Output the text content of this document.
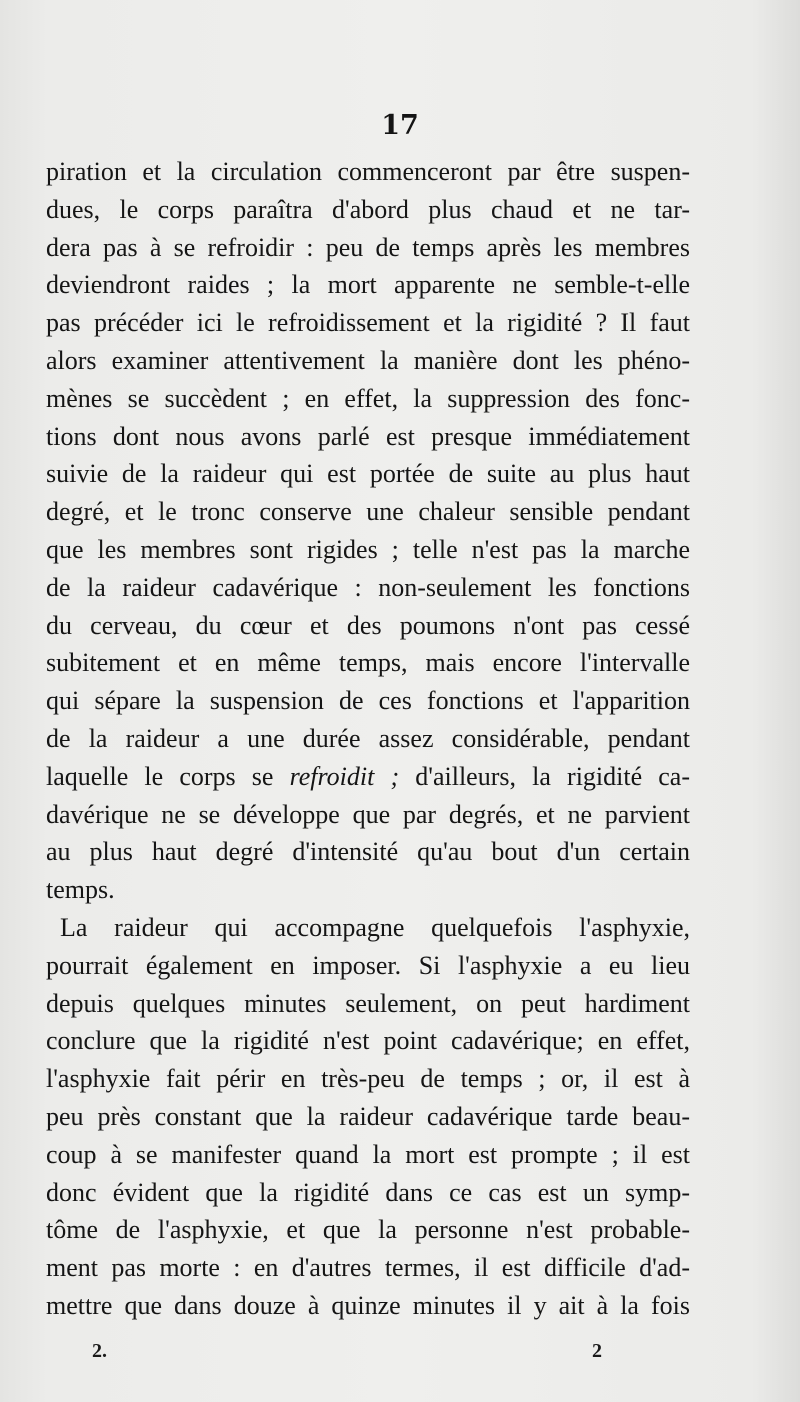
17
piration et la circulation commenceront par être suspen-
dues, le corps paraîtra d'abord plus chaud et ne tar-
dera pas à se refroidir : peu de temps après les membres
deviendront raides ; la mort apparente ne semble-t-elle
pas précéder ici le refroidissement et la rigidité ? Il faut
alors examiner attentivement la manière dont les phéno-
mènes se succèdent ; en effet, la suppression des fonc-
tions dont nous avons parlé est presque immédiatement
suivie de la raideur qui est portée de suite au plus haut
degré, et le tronc conserve une chaleur sensible pendant
que les membres sont rigides ; telle n'est pas la marche
de la raideur cadavérique : non-seulement les fonctions
du cerveau, du cœur et des poumons n'ont pas cessé
subitement et en même temps, mais encore l'intervalle
qui sépare la suspension de ces fonctions et l'apparition
de la raideur a une durée assez considérable, pendant
laquelle le corps se refroidit ; d'ailleurs, la rigidité ca-
davérique ne se développe que par degrés, et ne parvient
au plus haut degré d'intensité qu'au bout d'un certain
temps.
La raideur qui accompagne quelquefois l'asphyxie,
pourrait également en imposer. Si l'asphyxie a eu lieu
depuis quelques minutes seulement, on peut hardiment
conclure que la rigidité n'est point cadavérique; en effet,
l'asphyxie fait périr en très-peu de temps ; or, il est à
peu près constant que la raideur cadavérique tarde beau-
coup à se manifester quand la mort est prompte ; il est
donc évident que la rigidité dans ce cas est un symp-
tôme de l'asphyxie, et que la personne n'est probable-
ment pas morte : en d'autres termes, il est difficile d'ad-
mettre que dans douze à quinze minutes il y ait à la fois
2.	2
